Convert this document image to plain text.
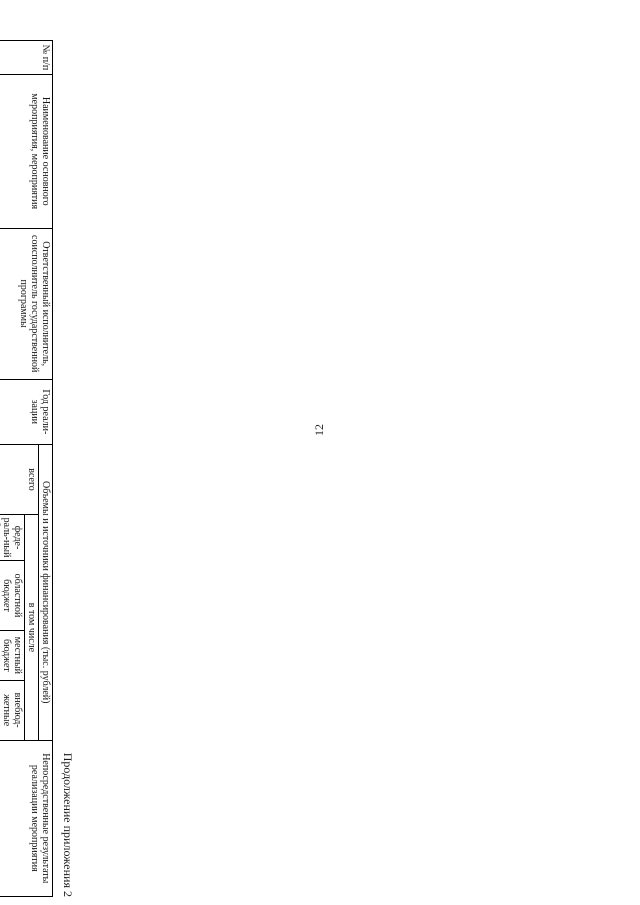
12
Продолжение приложения 2
№ п/п	Наименование основного мероприятия, мероприятия	Ответственный исполнитель, соисполнитель государственной программы	Год реали-зации	Объемы и источники финансирования (тыс. рублей)					Непосредственные результаты реализации мероприятия
				всего	в том числе				
					феде-раль-ный	областной бюджет	местный бюджет	внебюд-жетные	
